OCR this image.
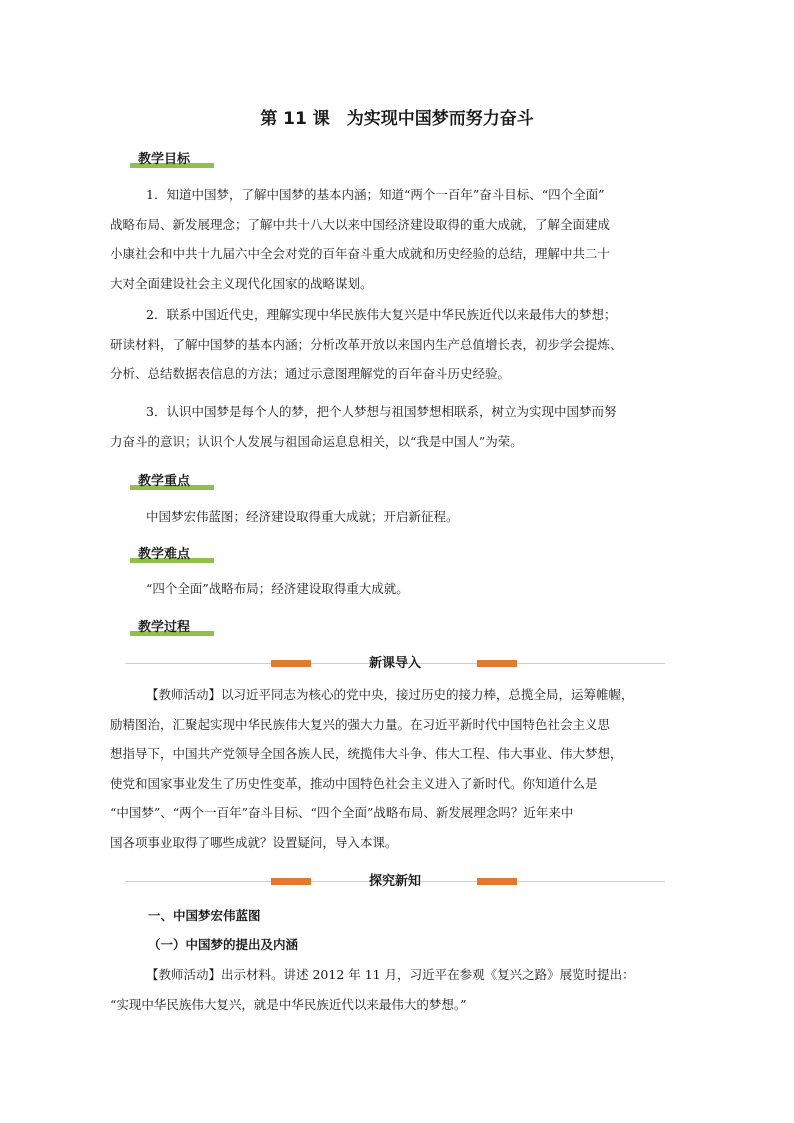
第 11 课　为实现中国梦而努力奋斗
教学目标
1．知道中国梦，了解中国梦的基本内涵；知道“两个一百年”奋斗目标、“四个全面”
战略布局、新发展理念；了解中共十八大以来中国经济建设取得的重大成就，了解全面建成
小康社会和中共十九届六中全会对党的百年奋斗重大成就和历史经验的总结，理解中共二十
大对全面建设社会主义现代化国家的战略谋划。
2．联系中国近代史，理解实现中华民族伟大复兴是中华民族近代以来最伟大的梦想；
研读材料，了解中国梦的基本内涵；分析改革开放以来国内生产总值增长表，初步学会提炼、
分析、总结数据表信息的方法；通过示意图理解党的百年奋斗历史经验。
3．认识中国梦是每个人的梦，把个人梦想与祖国梦想相联系，树立为实现中国梦而努
力奋斗的意识；认识个人发展与祖国命运息息相关，以“我是中国人”为荣。
教学重点
中国梦宏伟蓝图；经济建设取得重大成就；开启新征程。
教学难点
“四个全面”战略布局；经济建设取得重大成就。
教学过程
新课导入
【教师活动】以习近平同志为核心的党中央，接过历史的接力棒，总揽全局，运筹帷幄，
励精图治，汇聚起实现中华民族伟大复兴的强大力量。在习近平新时代中国特色社会主义思
想指导下，中国共产党领导全国各族人民，统揽伟大斗争、伟大工程、伟大事业、伟大梦想，
使党和国家事业发生了历史性变革，推动中国特色社会主义进入了新时代。你知道什么是
“中国梦”、“两个一百年”奋斗目标、“四个全面”战略布局、新发展理念吗？近年来中
国各项事业取得了哪些成就？设置疑问，导入本课。
探究新知
一、中国梦宏伟蓝图
（一）中国梦的提出及内涵
【教师活动】出示材料。讲述 2012 年 11 月，习近平在参观《复兴之路》展览时提出：
“实现中华民族伟大复兴，就是中华民族近代以来最伟大的梦想。”
